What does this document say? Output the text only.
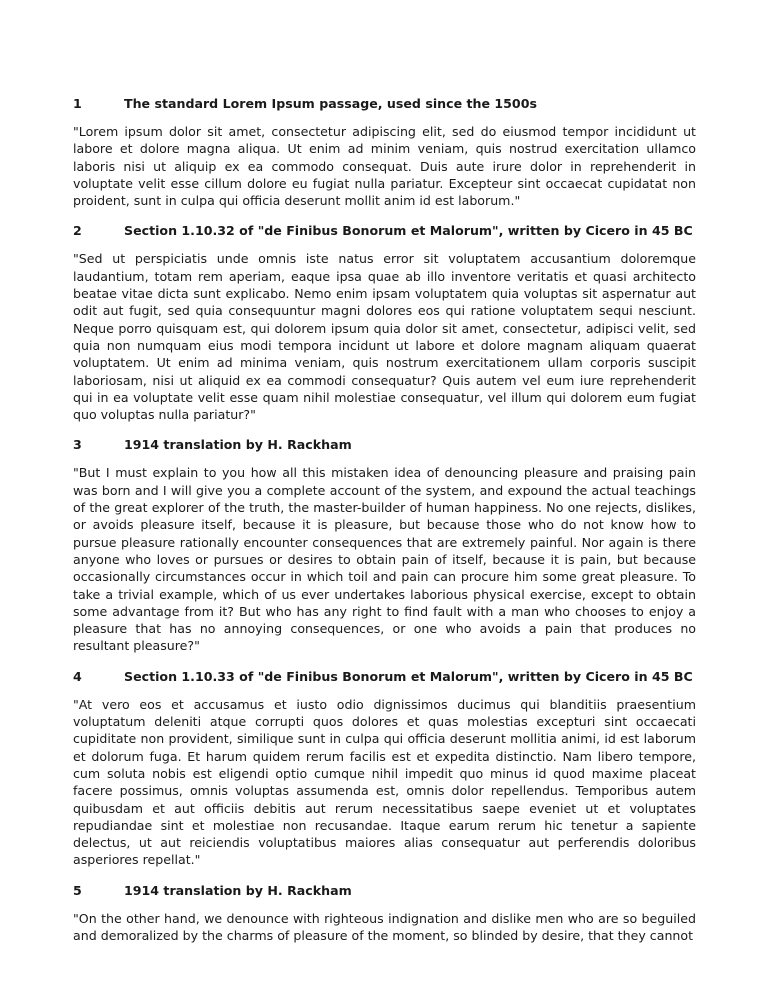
1	The standard Lorem Ipsum passage, used since the 1500s

"Lorem ipsum dolor sit amet, consectetur adipiscing elit, sed do eiusmod tempor incididunt ut labore et dolore magna aliqua. Ut enim ad minim veniam, quis nostrud exercitation ullamco laboris nisi ut aliquip ex ea commodo consequat. Duis aute irure dolor in reprehenderit in voluptate velit esse cillum dolore eu fugiat nulla pariatur. Excepteur sint occaecat cupidatat non proident, sunt in culpa qui officia deserunt mollit anim id est laborum."

2	Section 1.10.32 of "de Finibus Bonorum et Malorum", written by Cicero in 45 BC

"Sed ut perspiciatis unde omnis iste natus error sit voluptatem accusantium doloremque laudantium, totam rem aperiam, eaque ipsa quae ab illo inventore veritatis et quasi architecto beatae vitae dicta sunt explicabo. Nemo enim ipsam voluptatem quia voluptas sit aspernatur aut odit aut fugit, sed quia consequuntur magni dolores eos qui ratione voluptatem sequi nesciunt. Neque porro quisquam est, qui dolorem ipsum quia dolor sit amet, consectetur, adipisci velit, sed quia non numquam eius modi tempora incidunt ut labore et dolore magnam aliquam quaerat voluptatem. Ut enim ad minima veniam, quis nostrum exercitationem ullam corporis suscipit laboriosam, nisi ut aliquid ex ea commodi consequatur? Quis autem vel eum iure reprehenderit qui in ea voluptate velit esse quam nihil molestiae consequatur, vel illum qui dolorem eum fugiat quo voluptas nulla pariatur?"

3	1914 translation by H. Rackham

"But I must explain to you how all this mistaken idea of denouncing pleasure and praising pain was born and I will give you a complete account of the system, and expound the actual teachings of the great explorer of the truth, the master-builder of human happiness. No one rejects, dislikes, or avoids pleasure itself, because it is pleasure, but because those who do not know how to pursue pleasure rationally encounter consequences that are extremely painful. Nor again is there anyone who loves or pursues or desires to obtain pain of itself, because it is pain, but because occasionally circumstances occur in which toil and pain can procure him some great pleasure. To take a trivial example, which of us ever undertakes laborious physical exercise, except to obtain some advantage from it? But who has any right to find fault with a man who chooses to enjoy a pleasure that has no annoying consequences, or one who avoids a pain that produces no resultant pleasure?"

4	Section 1.10.33 of "de Finibus Bonorum et Malorum", written by Cicero in 45 BC

"At vero eos et accusamus et iusto odio dignissimos ducimus qui blanditiis praesentium voluptatum deleniti atque corrupti quos dolores et quas molestias excepturi sint occaecati cupiditate non provident, similique sunt in culpa qui officia deserunt mollitia animi, id est laborum et dolorum fuga. Et harum quidem rerum facilis est et expedita distinctio. Nam libero tempore, cum soluta nobis est eligendi optio cumque nihil impedit quo minus id quod maxime placeat facere possimus, omnis voluptas assumenda est, omnis dolor repellendus. Temporibus autem quibusdam et aut officiis debitis aut rerum necessitatibus saepe eveniet ut et voluptates repudiandae sint et molestiae non recusandae. Itaque earum rerum hic tenetur a sapiente delectus, ut aut reiciendis voluptatibus maiores alias consequatur aut perferendis doloribus asperiores repellat."

5	1914 translation by H. Rackham

"On the other hand, we denounce with righteous indignation and dislike men who are so beguiled and demoralized by the charms of pleasure of the moment, so blinded by desire, that they cannot
